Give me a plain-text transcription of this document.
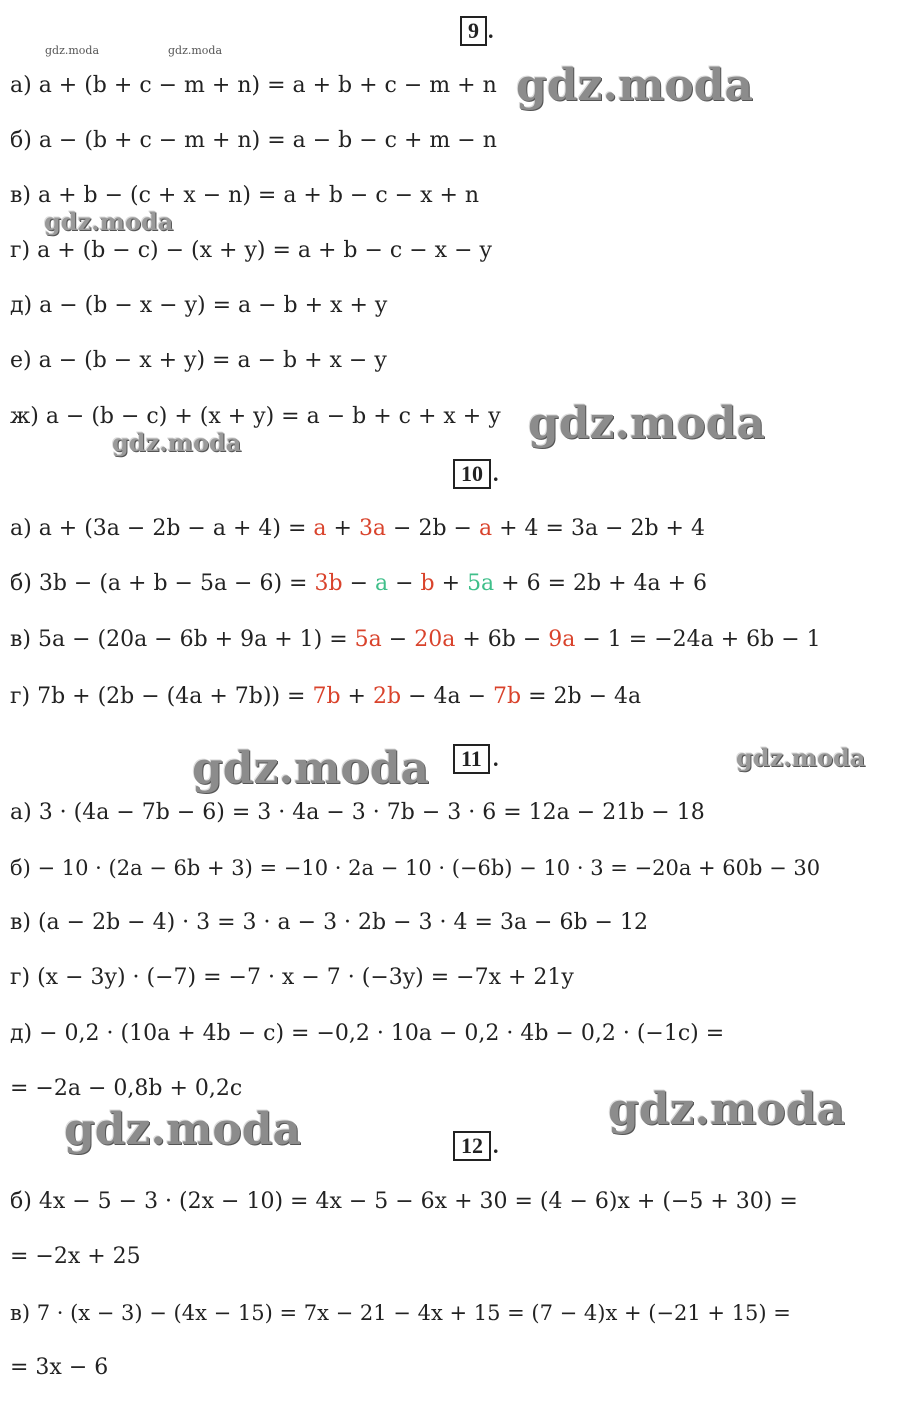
9 .
gdz.moda	gdz.moda
а) a + (b + c − m + n) = a + b + c − m + n gdz.moda
б) a − (b + c − m + n) = a − b − c + m − n
в) a + b − (c + x − n) = a + b − c − x + n
gdz.moda
г) a + (b − c) − (x + y) = a + b − c − x − y
д) a − (b − x − y) = a − b + x + y
е) a − (b − x + y) = a − b + x − y
ж) a − (b − c) + (x + y) = a − b + c + x + y gdz.moda
gdz.moda
10 .
а) a + (3a − 2b − a + 4) = a + 3a − 2b − a + 4 = 3a − 2b + 4
б) 3b − (a + b − 5a − 6) = 3b − a − b + 5a + 6 = 2b + 4a + 6
в) 5a − (20a − 6b + 9a + 1) = 5a − 20a + 6b − 9a − 1 = −24a + 6b − 1
г) 7b + (2b − (4a + 7b)) = 7b + 2b − 4a − 7b = 2b − 4a
gdz.moda	11 .	gdz.moda
а) 3 · (4a − 7b − 6) = 3 · 4a − 3 · 7b − 3 · 6 = 12a − 21b − 18
б) − 10 · (2a − 6b + 3) = −10 · 2a − 10 · (−6b) − 10 · 3 = −20a + 60b − 30
в) (a − 2b − 4) · 3 = 3 · a − 3 · 2b − 3 · 4 = 3a − 6b − 12
г) (x − 3y) · (−7) = −7 · x − 7 · (−3y) = −7x + 21y
д) − 0,2 · (10a + 4b − c) = −0,2 · 10a − 0,2 · 4b − 0,2 · (−1c) =
= −2a − 0,8b + 0,2c	gdz.moda
gdz.moda	12 .
б) 4x − 5 − 3 · (2x − 10) = 4x − 5 − 6x + 30 = (4 − 6)x + (−5 + 30) =
= −2x + 25
в) 7 · (x − 3) − (4x − 15) = 7x − 21 − 4x + 15 = (7 − 4)x + (−21 + 15) =
= 3x − 6
